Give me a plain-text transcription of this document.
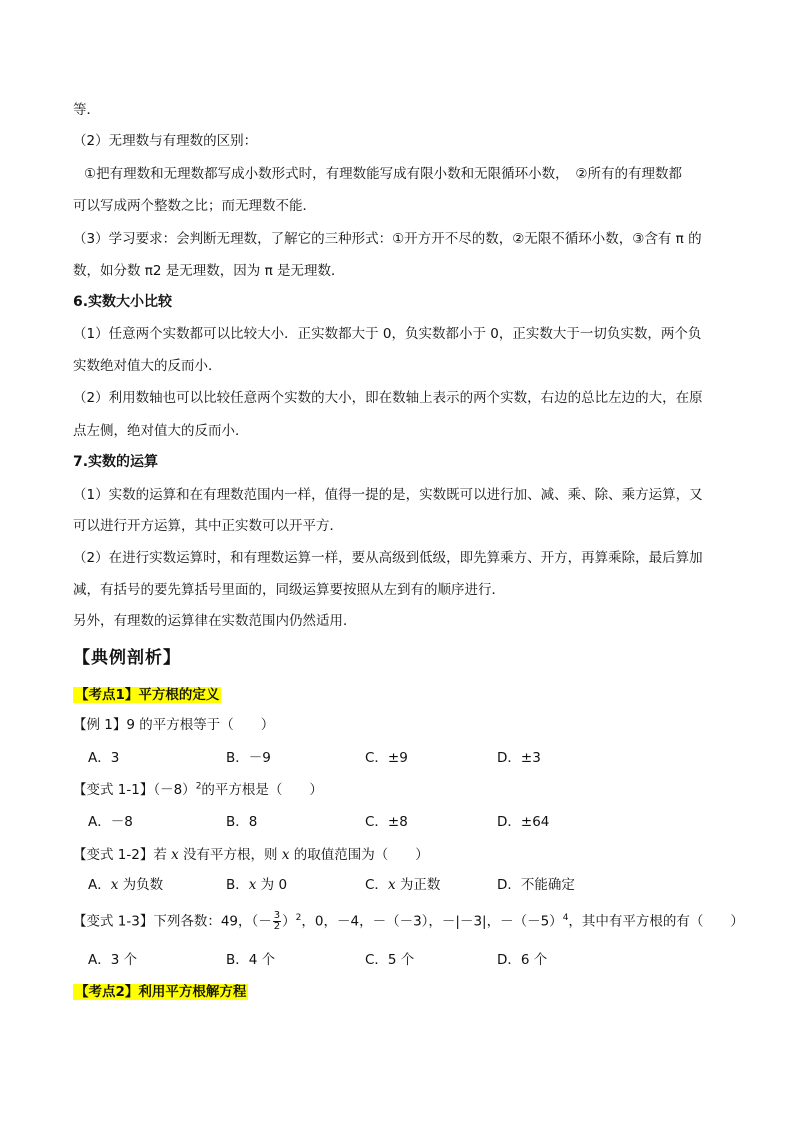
等．
（2）无理数与有理数的区别：
①把有理数和无理数都写成小数形式时，有理数能写成有限小数和无限循环小数，　②所有的有理数都
可以写成两个整数之比；而无理数不能．
（3）学习要求：会判断无理数，了解它的三种形式：①开方开不尽的数，②无限不循环小数，③含有 π 的
数，如分数 π2 是无理数，因为 π 是无理数．
6.实数大小比较
（1）任意两个实数都可以比较大小．正实数都大于 0，负实数都小于 0，正实数大于一切负实数，两个负
实数绝对值大的反而小．
（2）利用数轴也可以比较任意两个实数的大小，即在数轴上表示的两个实数，右边的总比左边的大，在原
点左侧，绝对值大的反而小．
7.实数的运算
（1）实数的运算和在有理数范围内一样，值得一提的是，实数既可以进行加、减、乘、除、乘方运算，又
可以进行开方运算，其中正实数可以开平方．
（2）在进行实数运算时，和有理数运算一样，要从高级到低级，即先算乘方、开方，再算乘除，最后算加
减，有括号的要先算括号里面的，同级运算要按照从左到有的顺序进行．
另外，有理数的运算律在实数范围内仍然适用．
【典例剖析】
【考点1】平方根的定义
【例 1】9 的平方根等于（　　）
A．3	B．－9	C．±9	D．±3
【变式 1-1】$(-8)^2$的平方根是（　　）
A．－8	B．8	C．±8	D．±64
【变式 1-2】若 x 没有平方根，则 x 的取值范围为（　　）
A．x 为负数	B．x 为 0	C．x 为正数	D．不能确定
【变式 1-3】下列各数：49，（－ $\frac{3}{2} )^2$，0，－4，－（－3），－|－3|，$-(-5)^4$，其中有平方根的有（　　）
A．3 个	B．4 个	C．5 个	D．6 个
【考点2】利用平方根解方程
